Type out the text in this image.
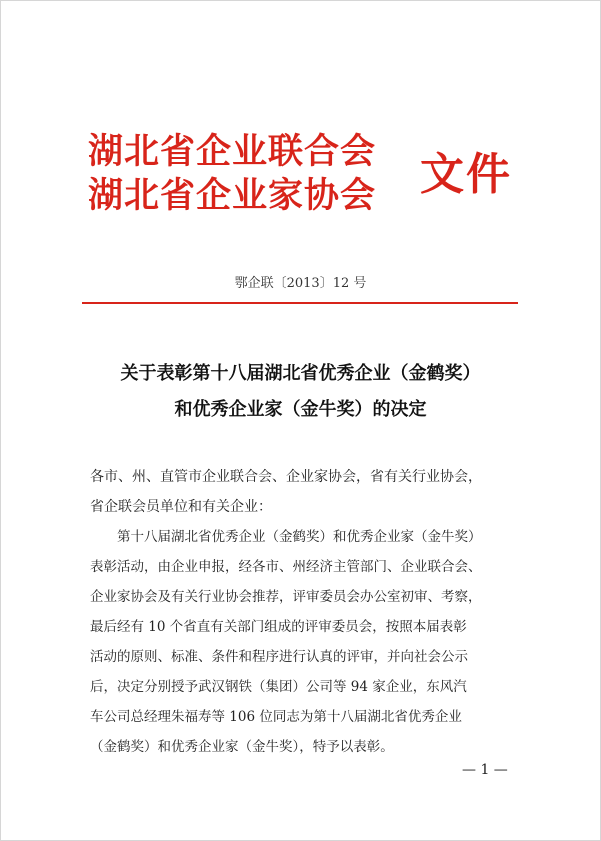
湖北省企业联合会
湖北省企业家协会 文件
鄂企联〔2013〕12 号
关于表彰第十八届湖北省优秀企业（金鹤奖）
和优秀企业家（金牛奖）的决定
各市、州、直管市企业联合会、企业家协会，省有关行业协会，
省企联会员单位和有关企业：
　　第十八届湖北省优秀企业（金鹤奖）和优秀企业家（金牛奖）
表彰活动，由企业申报，经各市、州经济主管部门、企业联合会、
企业家协会及有关行业协会推荐，评审委员会办公室初审、考察，
最后经有 10 个省直有关部门组成的评审委员会，按照本届表彰
活动的原则、标准、条件和程序进行认真的评审，并向社会公示
后，决定分别授予武汉钢铁（集团）公司等 94 家企业，东风汽
车公司总经理朱福寿等 106 位同志为第十八届湖北省优秀企业
（金鹤奖）和优秀企业家（金牛奖），特予以表彰。
— 1 —
